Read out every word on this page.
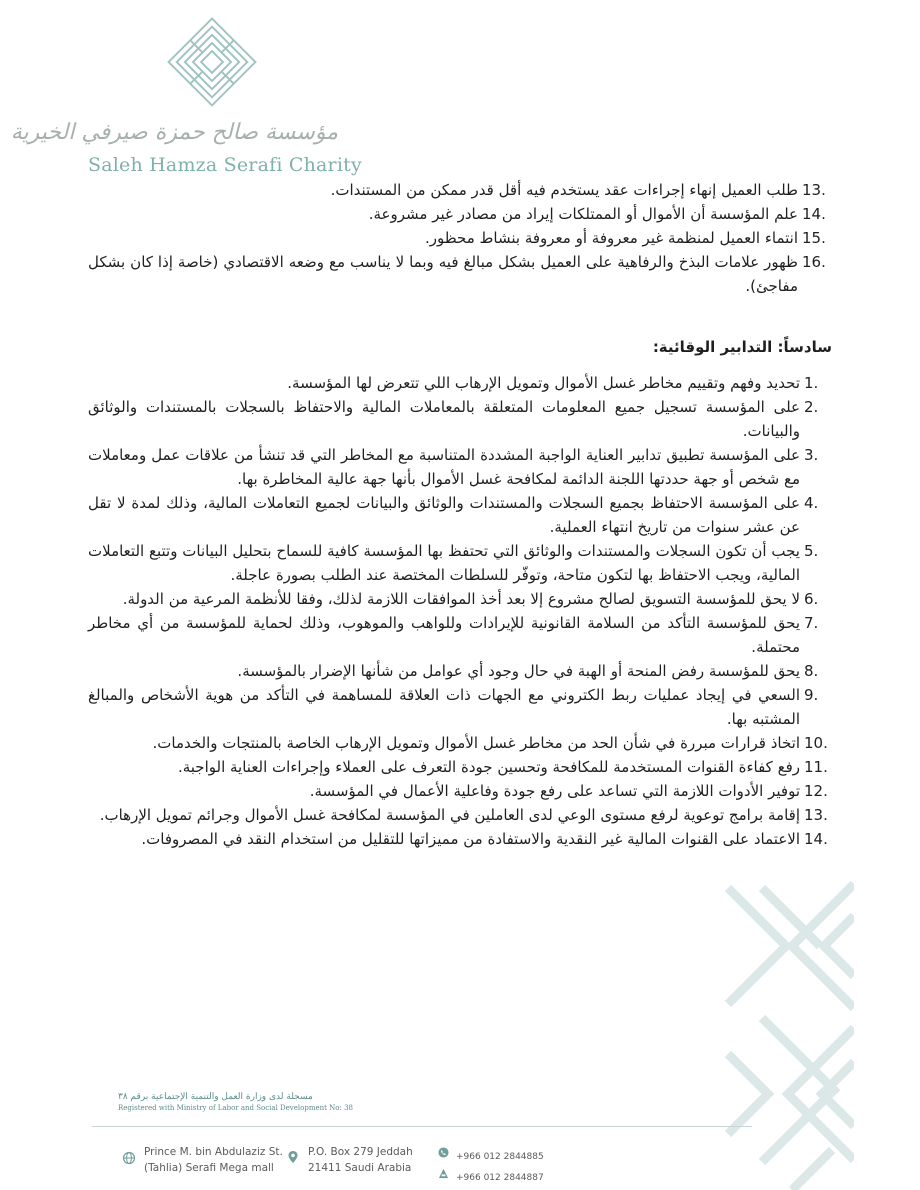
مؤسسة صالح حمزة صيرفي الخيرية
Saleh Hamza Serafi Charity
13.
طلب العميل إنهاء إجراءات عقد يستخدم فيه أقل قدر ممكن من المستندات.
14.
علم المؤسسة أن الأموال أو الممتلكات إيراد من مصادر غير مشروعة.
15.
انتماء العميل لمنظمة غير معروفة أو معروفة بنشاط محظور.
16.
ظهور علامات البذخ والرفاهية على العميل بشكل مبالغ فيه وبما لا يناسب مع وضعه الاقتصادي (خاصة إذا كان بشكل مفاجئ).
سادساً: التدابير الوقائية:
1.
تحديد وفهم وتقييم مخاطر غسل الأموال وتمويل الإرهاب اللي تتعرض لها المؤسسة.
2.
على المؤسسة تسجيل جميع المعلومات المتعلقة بالمعاملات المالية والاحتفاظ بالسجلات بالمستندات والوثائق والبيانات.
3.
على المؤسسة تطبيق تدابير العناية الواجبة المشددة المتناسبة مع المخاطر التي قد تنشأ من علاقات عمل ومعاملات مع شخص أو جهة حددتها اللجنة الدائمة لمكافحة غسل الأموال بأنها جهة عالية المخاطرة بها.
4.
على المؤسسة الاحتفاظ بجميع السجلات والمستندات والوثائق والبيانات لجميع التعاملات المالية، وذلك لمدة لا تقل عن عشر سنوات من تاريخ انتهاء العملية.
5.
يجب أن تكون السجلات والمستندات والوثائق التي تحتفظ بها المؤسسة كافية للسماح بتحليل البيانات وتتبع التعاملات المالية، ويجب الاحتفاظ بها لتكون متاحة، وتوفّر للسلطات المختصة عند الطلب بصورة عاجلة.
6.
لا يحق للمؤسسة التسويق لصالح مشروع إلا بعد أخذ الموافقات اللازمة لذلك، وفقا للأنظمة المرعية من الدولة.
7.
يحق للمؤسسة التأكد من السلامة القانونية للإيرادات وللواهب والموهوب، وذلك لحماية للمؤسسة من أي مخاطر محتملة.
8.
يحق للمؤسسة رفض المنحة أو الهبة في حال وجود أي عوامل من شأنها الإضرار بالمؤسسة.
9.
السعي في إيجاد عمليات ربط الكتروني مع الجهات ذات العلاقة للمساهمة في التأكد من هوية الأشخاص والمبالغ المشتبه بها.
10.
اتخاذ قرارات مبررة في شأن الحد من مخاطر غسل الأموال وتمويل الإرهاب الخاصة بالمنتجات والخدمات.
11.
رفع كفاءة القنوات المستخدمة للمكافحة وتحسين جودة التعرف على العملاء وإجراءات العناية الواجبة.
12.
توفير الأدوات اللازمة التي تساعد على رفع جودة وفاعلية الأعمال في المؤسسة.
13.
إقامة برامج توعوية لرفع مستوى الوعي لدى العاملين في المؤسسة لمكافحة غسل الأموال وجرائم تمويل الإرهاب.
14.
الاعتماد على القنوات المالية غير النقدية والاستفادة من مميزاتها للتقليل من استخدام النقد في المصروفات.
مسجلة لدى وزارة العمل والتنمية الإجتماعية برقم ٣٨
Registered with Ministry of Labor and Social Development No: 38
Prince M. bin Abdulaziz St.
(Tahlia) Serafi Mega mall
P.O. Box 279 Jeddah
21411 Saudi Arabia
+966 012 2844885
+966 012 2844887
